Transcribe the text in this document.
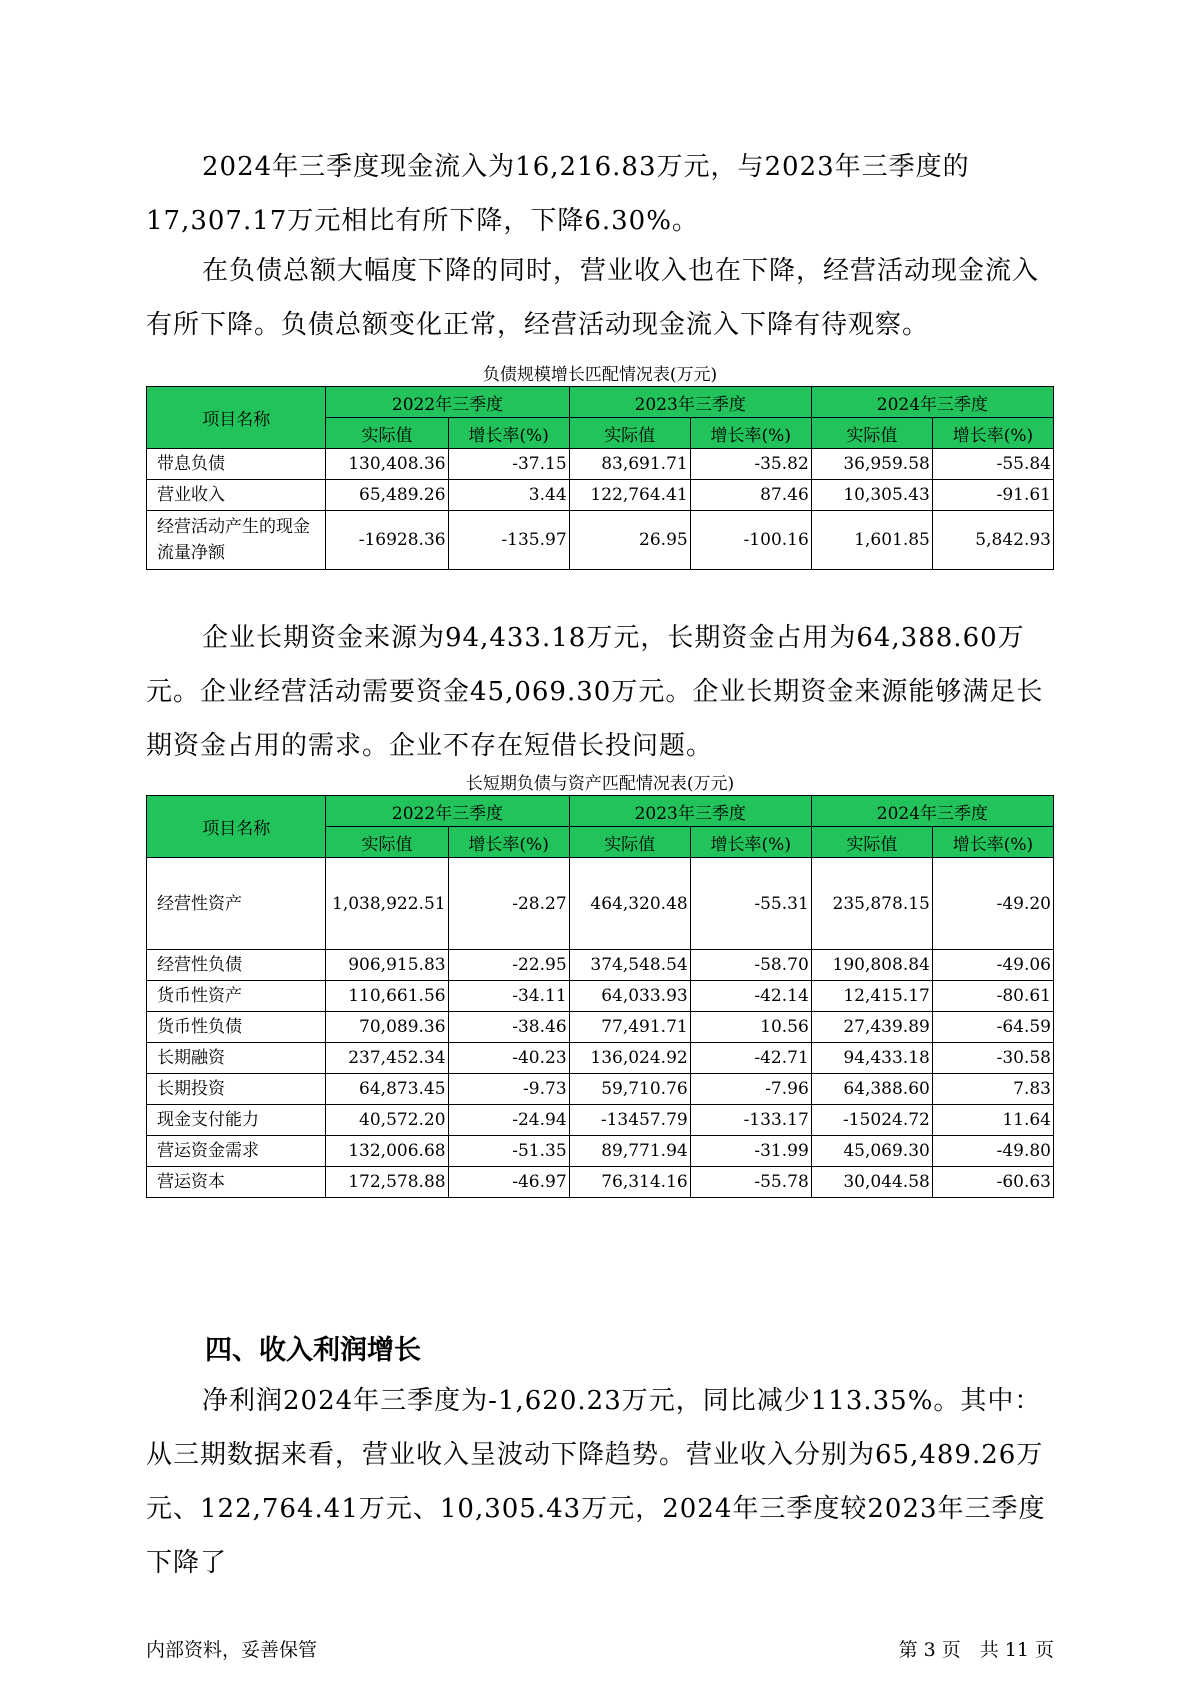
2024年三季度现金流入为16,216.83万元，与2023年三季度的17,307.17万元相比有所下降，下降6.30%。

在负债总额大幅度下降的同时，营业收入也在下降，经营活动现金流入有所下降。负债总额变化正常，经营活动现金流入下降有待观察。

负债规模增长匹配情况表(万元)

项目名称	2022年三季度		2023年三季度		2024年三季度	
	实际值	增长率(%)	实际值	增长率(%)	实际值	增长率(%)
带息负债	130,408.36	-37.15	83,691.71	-35.82	36,959.58	-55.84
营业收入	65,489.26	3.44	122,764.41	87.46	10,305.43	-91.61
经营活动产生的现金流量净额	-16928.36	-135.97	26.95	-100.16	1,601.85	5,842.93

企业长期资金来源为94,433.18万元，长期资金占用为64,388.60万元。企业经营活动需要资金45,069.30万元。企业长期资金来源能够满足长期资金占用的需求。企业不存在短借长投问题。

长短期负债与资产匹配情况表(万元)

项目名称	2022年三季度		2023年三季度		2024年三季度	
	实际值	增长率(%)	实际值	增长率(%)	实际值	增长率(%)
经营性资产	1,038,922.51	-28.27	464,320.48	-55.31	235,878.15	-49.20
经营性负债	906,915.83	-22.95	374,548.54	-58.70	190,808.84	-49.06
货币性资产	110,661.56	-34.11	64,033.93	-42.14	12,415.17	-80.61
货币性负债	70,089.36	-38.46	77,491.71	10.56	27,439.89	-64.59
长期融资	237,452.34	-40.23	136,024.92	-42.71	94,433.18	-30.58
长期投资	64,873.45	-9.73	59,710.76	-7.96	64,388.60	7.83
现金支付能力	40,572.20	-24.94	-13457.79	-133.17	-15024.72	11.64
营运资金需求	132,006.68	-51.35	89,771.94	-31.99	45,069.30	-49.80
营运资本	172,578.88	-46.97	76,314.16	-55.78	30,044.58	-60.63
四、收入利润增长

净利润2024年三季度为-1,620.23万元，同比减少113.35%。其中：从三期数据来看，营业收入呈波动下降趋势。营业收入分别为65,489.26万元、122,764.41万元、10,305.43万元，2024年三季度较2023年三季度下降了

内部资料，妥善保管	第 3 页　共 11 页
